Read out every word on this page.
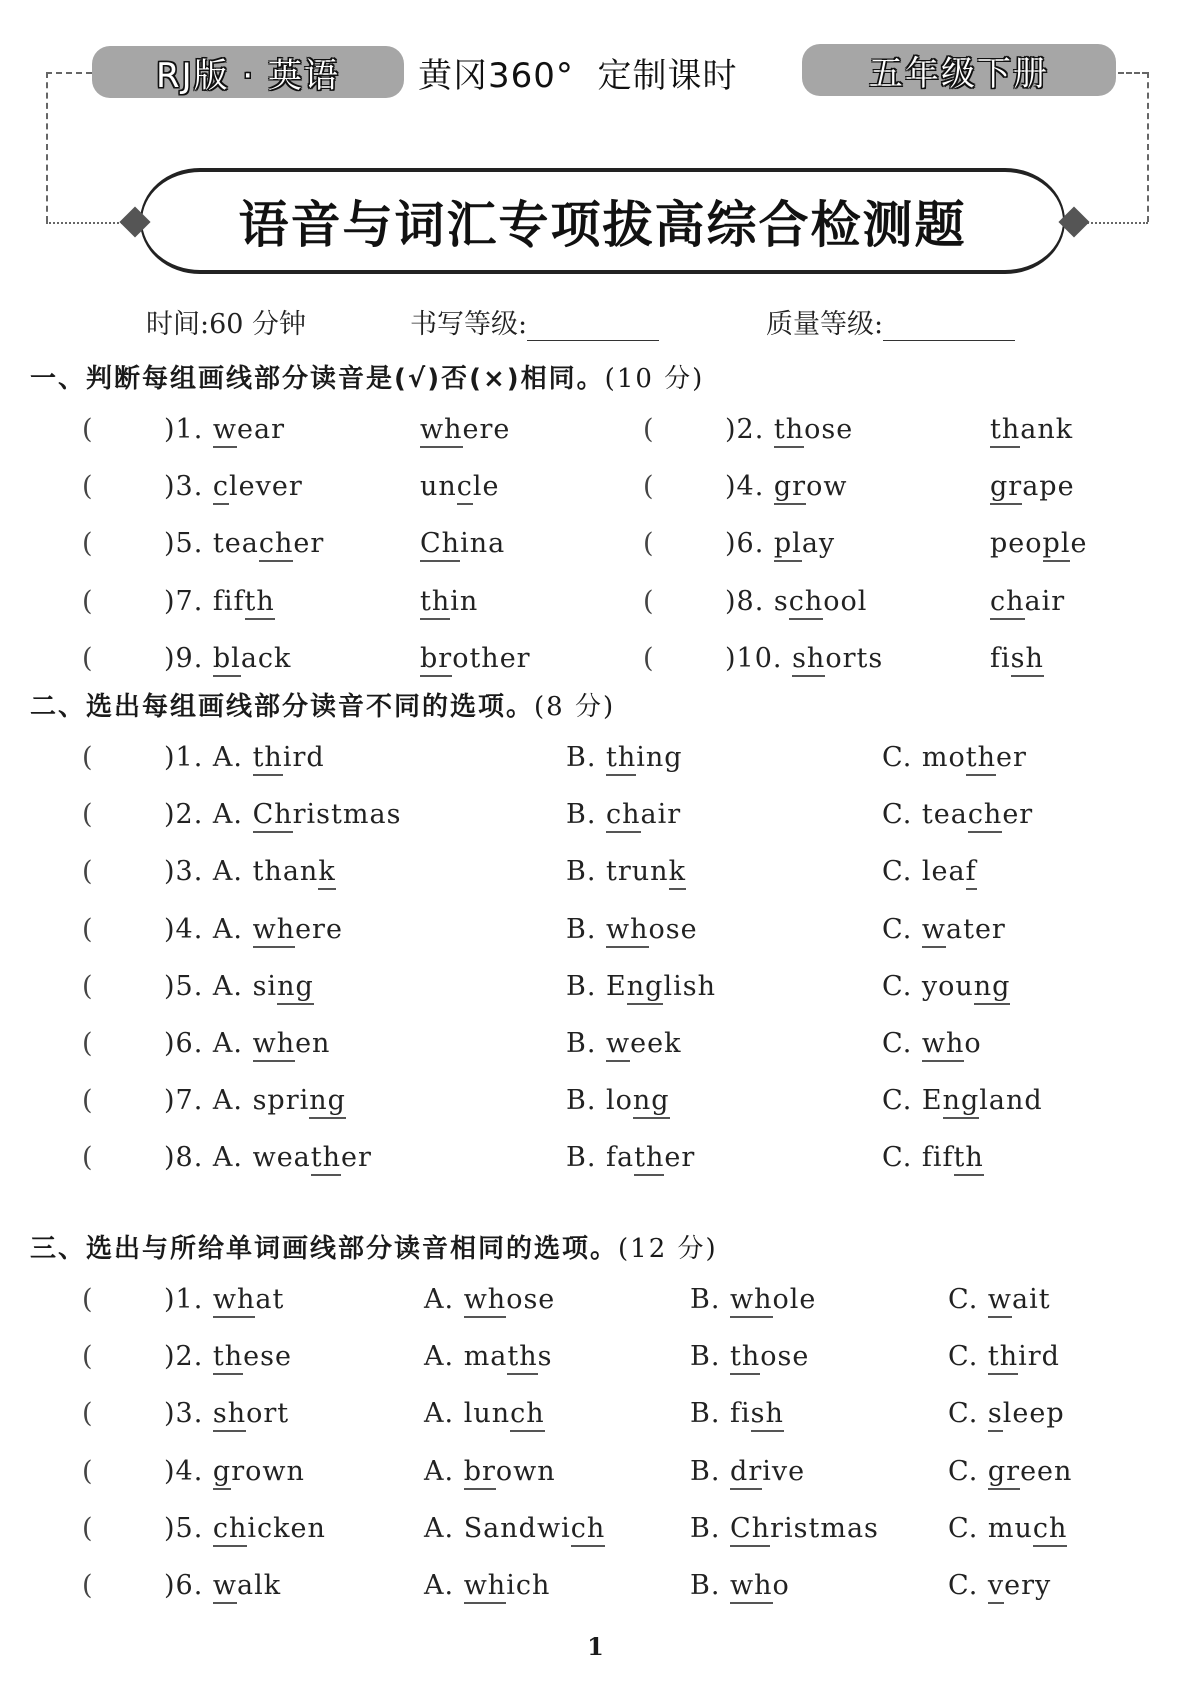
RJ版 · 英语 黄冈360°  定制课时	五年级下册
语音与词汇专项拔高综合检测题
时间:60 分钟	书写等级:	质量等级:
1
一、判断每组画线部分读音是(√)否(×)相同。(10 分)
(	)1. wear	where	(	)2. those	thank
(	)3. clever	uncle	(	)4. grow	grape
(	)5. teacher	China	(	)6. play	people
(	)7. fifth	thin	(	)8. school	chair
(	)9. black	brother	(	)10. shorts	fish
二、选出每组画线部分读音不同的选项。(8 分)
(	)1. A. third	B. thing	C. mother
(	)2. A. Christmas	B. chair	C. teacher
(	)3. A. thank	B. trunk	C. leaf
(	)4. A. where	B. whose	C. water
(	)5. A. sing	B. English	C. young
(	)6. A. when	B. week	C. who
(	)7. A. spring	B. long	C. England
(	)8. A. weather	B. father	C. fifth
三、选出与所给单词画线部分读音相同的选项。(12 分)
(	)1. what	A. whose	B. whole	C. wait
(	)2. these	A. maths	B. those	C. third
(	)3. short	A. lunch	B. fish	C. sleep
(	)4. grown	A. brown	B. drive	C. green
(	)5. chicken	A. Sandwich	B. Christmas	C. much
(	)6. walk	A. which	B. who	C. very
